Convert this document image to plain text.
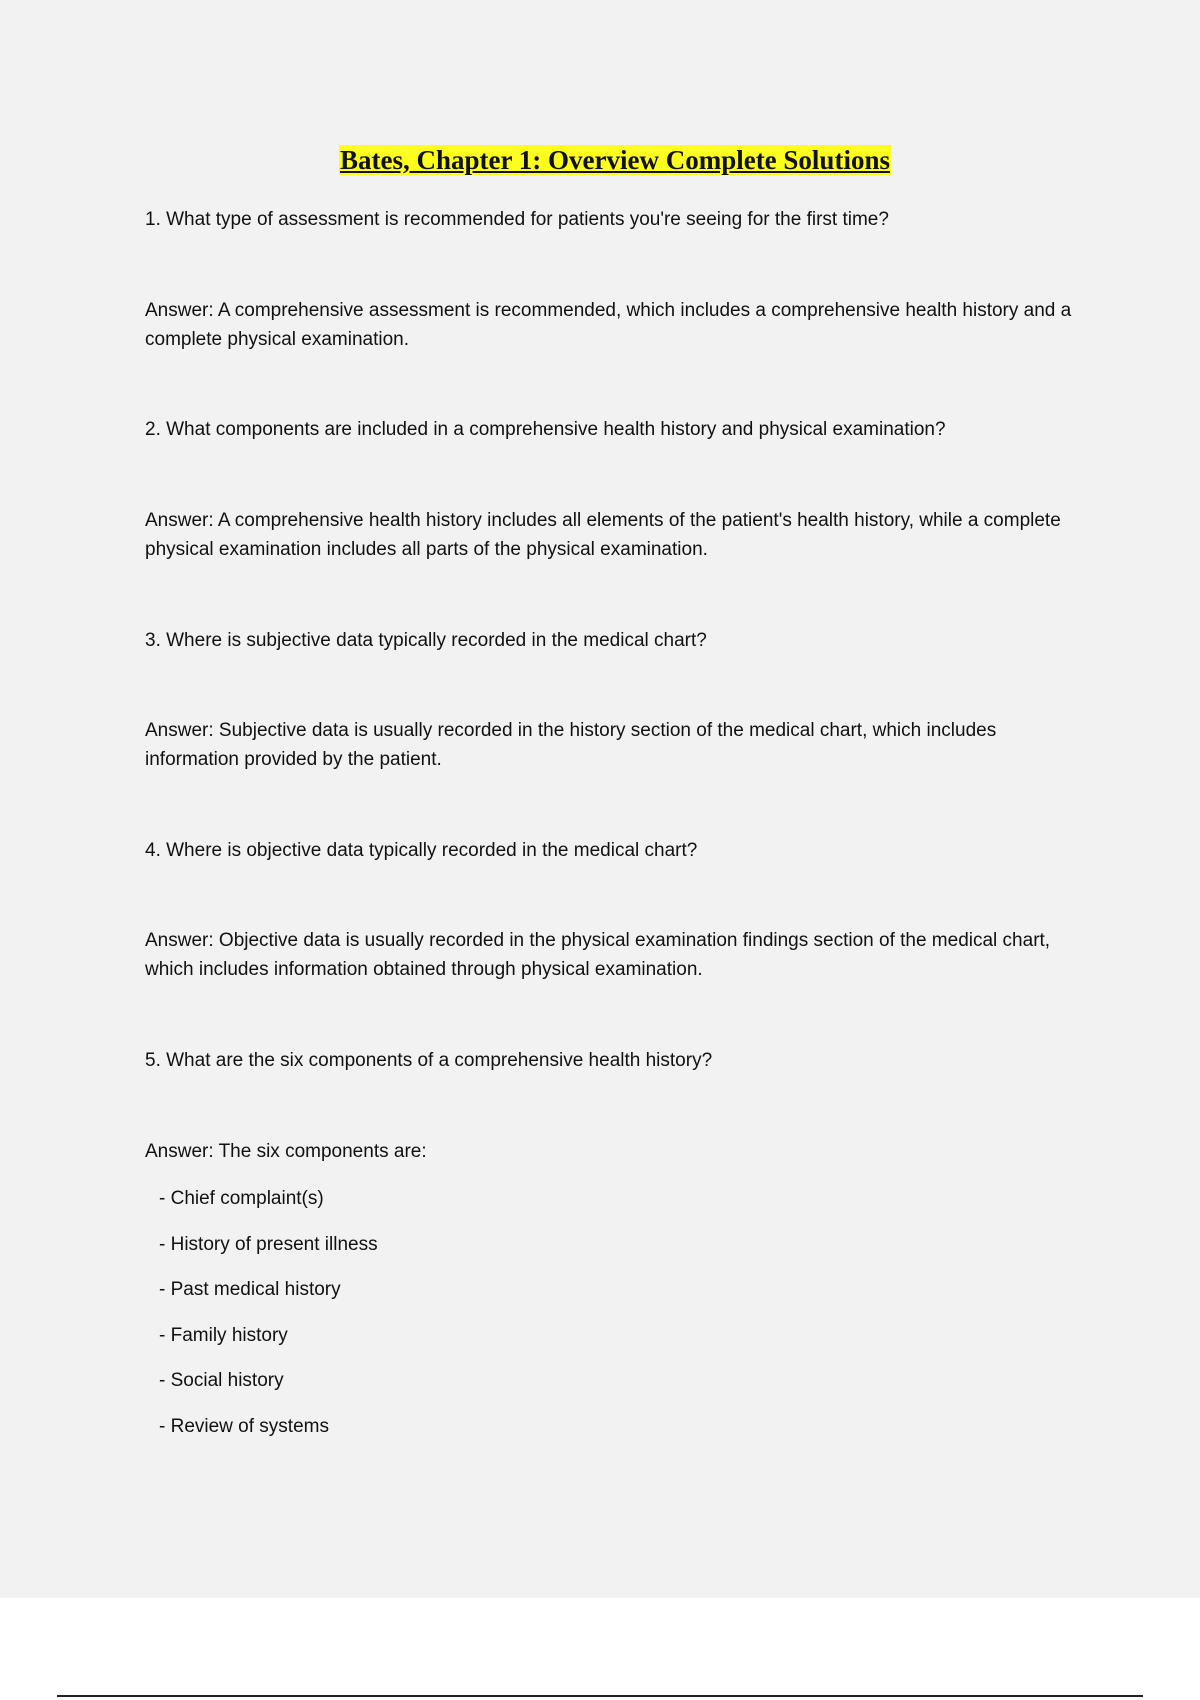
Bates, Chapter 1: Overview Complete Solutions

1. What type of assessment is recommended for patients you're seeing for the first time?

Answer: A comprehensive assessment is recommended, which includes a comprehensive health history and a complete physical examination.

2. What components are included in a comprehensive health history and physical examination?

Answer: A comprehensive health history includes all elements of the patient's health history, while a complete physical examination includes all parts of the physical examination.

3. Where is subjective data typically recorded in the medical chart?

Answer: Subjective data is usually recorded in the history section of the medical chart, which includes information provided by the patient.

4. Where is objective data typically recorded in the medical chart?

Answer: Objective data is usually recorded in the physical examination findings section of the medical chart, which includes information obtained through physical examination.

5. What are the six components of a comprehensive health history?

Answer: The six components are:

- Chief complaint(s)
- History of present illness
- Past medical history
- Family history
- Social history
- Review of systems
